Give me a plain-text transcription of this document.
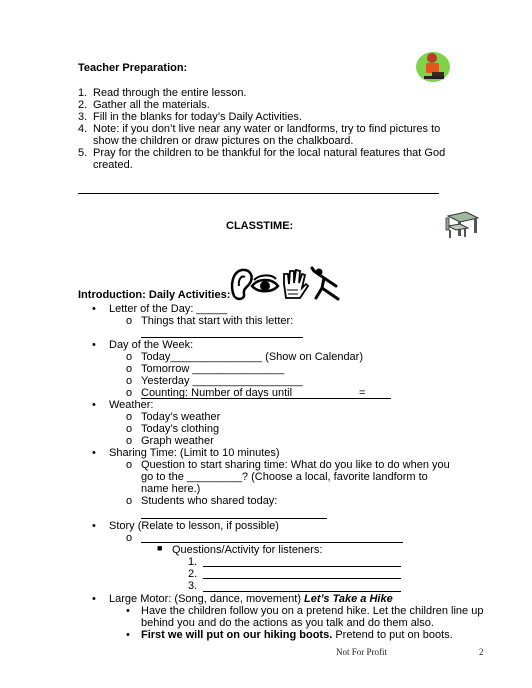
Teacher Preparation:
1. Read through the entire lesson.
2. Gather all the materials.
3. Fill in the blanks for today’s Daily Activities.
4. Note: if you don’t live near any water or landforms, try to find pictures to
show the children or draw pictures on the chalkboard.
5. Pray for the children to be thankful for the local natural features that God
created.
CLASSTIME:
Introduction: Daily Activities:
• Letter of the Day: _____
o Things that start with this letter:
• Day of the Week:
o Today_______________ (Show on Calendar)
o Tomorrow _______________
o Yesterday __________________
o Counting: Number of days until	=
• Weather:
o Today’s weather
o Today’s clothing
o Graph weather
• Sharing Time: (Limit to 10 minutes)
o Question to start sharing time: What do you like to do when you
go to the _________? (Choose a local, favorite landform to
name here.)
o Students who shared today:
• Story (Relate to lesson, if possible)
o
■ Questions/Activity for listeners:
1.
2.
3.
• Large Motor: (Song, dance, movement) Let’s Take a Hike
• Have the children follow you on a pretend hike. Let the children line up
behind you and do the actions as you talk and do them also.
• First we will put on our hiking boots. Pretend to put on boots.
Not For Profit	2
